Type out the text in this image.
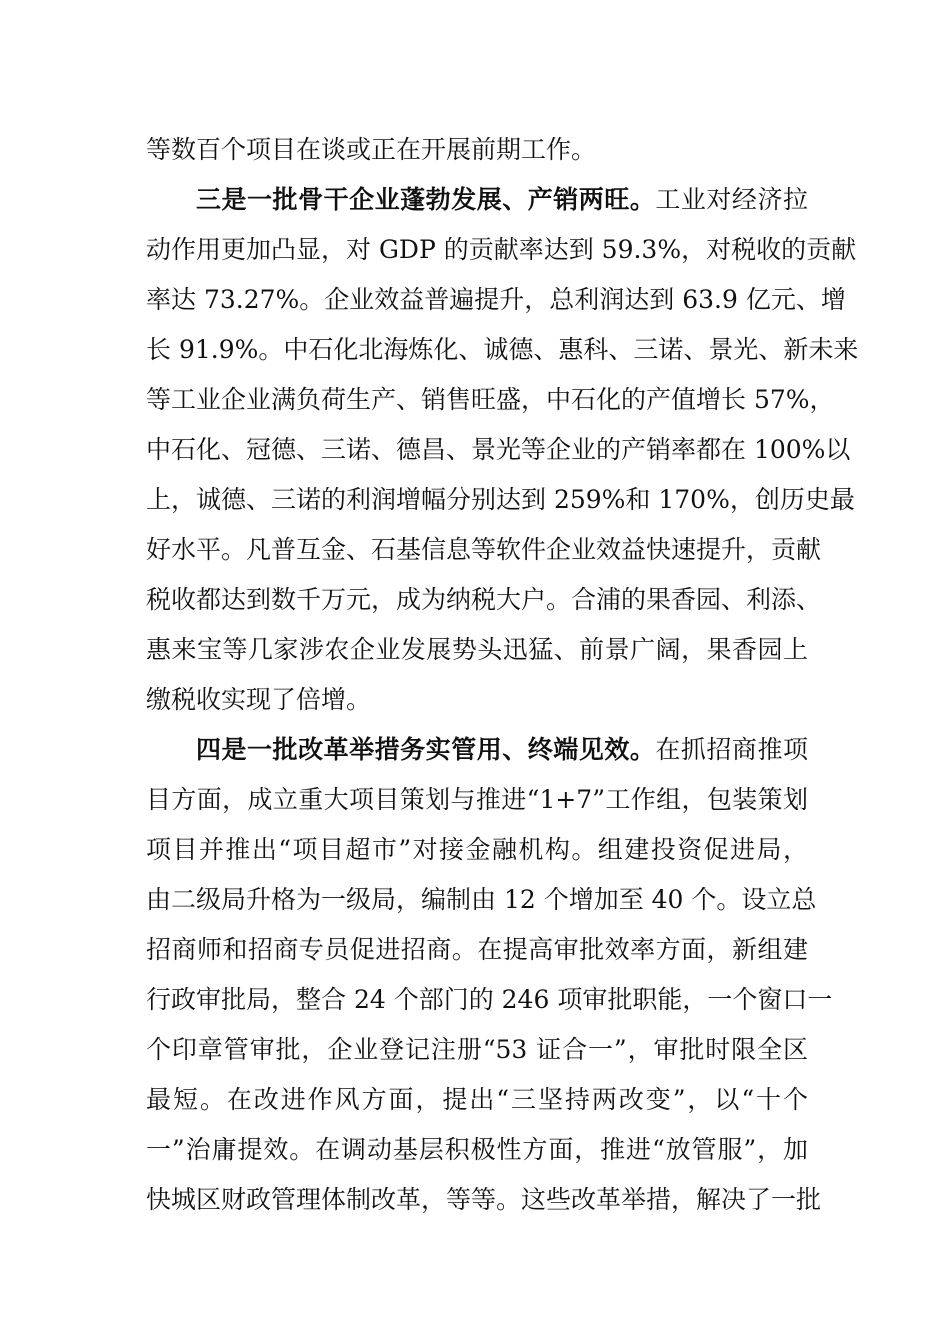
等数百个项目在谈或正在开展前期工作。
三是一批骨干企业蓬勃发展、产销两旺。工业对经济拉
动作用更加凸显，对 GDP 的贡献率达到 59.3%，对税收的贡献
率达 73.27%。企业效益普遍提升，总利润达到 63.9 亿元、增
长 91.9%。中石化北海炼化、诚德、惠科、三诺、景光、新未来
等工业企业满负荷生产、销售旺盛，中石化的产值增长 57%，
中石化、冠德、三诺、德昌、景光等企业的产销率都在 100%以
上，诚德、三诺的利润增幅分别达到 259%和 170%，创历史最
好水平。凡普互金、石基信息等软件企业效益快速提升，贡献
税收都达到数千万元，成为纳税大户。合浦的果香园、利添、
惠来宝等几家涉农企业发展势头迅猛、前景广阔，果香园上
缴税收实现了倍增。
四是一批改革举措务实管用、终端见效。在抓招商推项
目方面，成立重大项目策划与推进“1+7”工作组，包装策划
项目并推出“项目超市”对接金融机构。组建投资促进局，
由二级局升格为一级局，编制由 12 个增加至 40 个。设立总
招商师和招商专员促进招商。在提高审批效率方面，新组建
行政审批局，整合 24 个部门的 246 项审批职能，一个窗口一
个印章管审批，企业登记注册“53 证合一”，审批时限全区
最短。在改进作风方面，提出“三坚持两改变”，以“十个
一”治庸提效。在调动基层积极性方面，推进“放管服”，加
快城区财政管理体制改革，等等。这些改革举措，解决了一批
